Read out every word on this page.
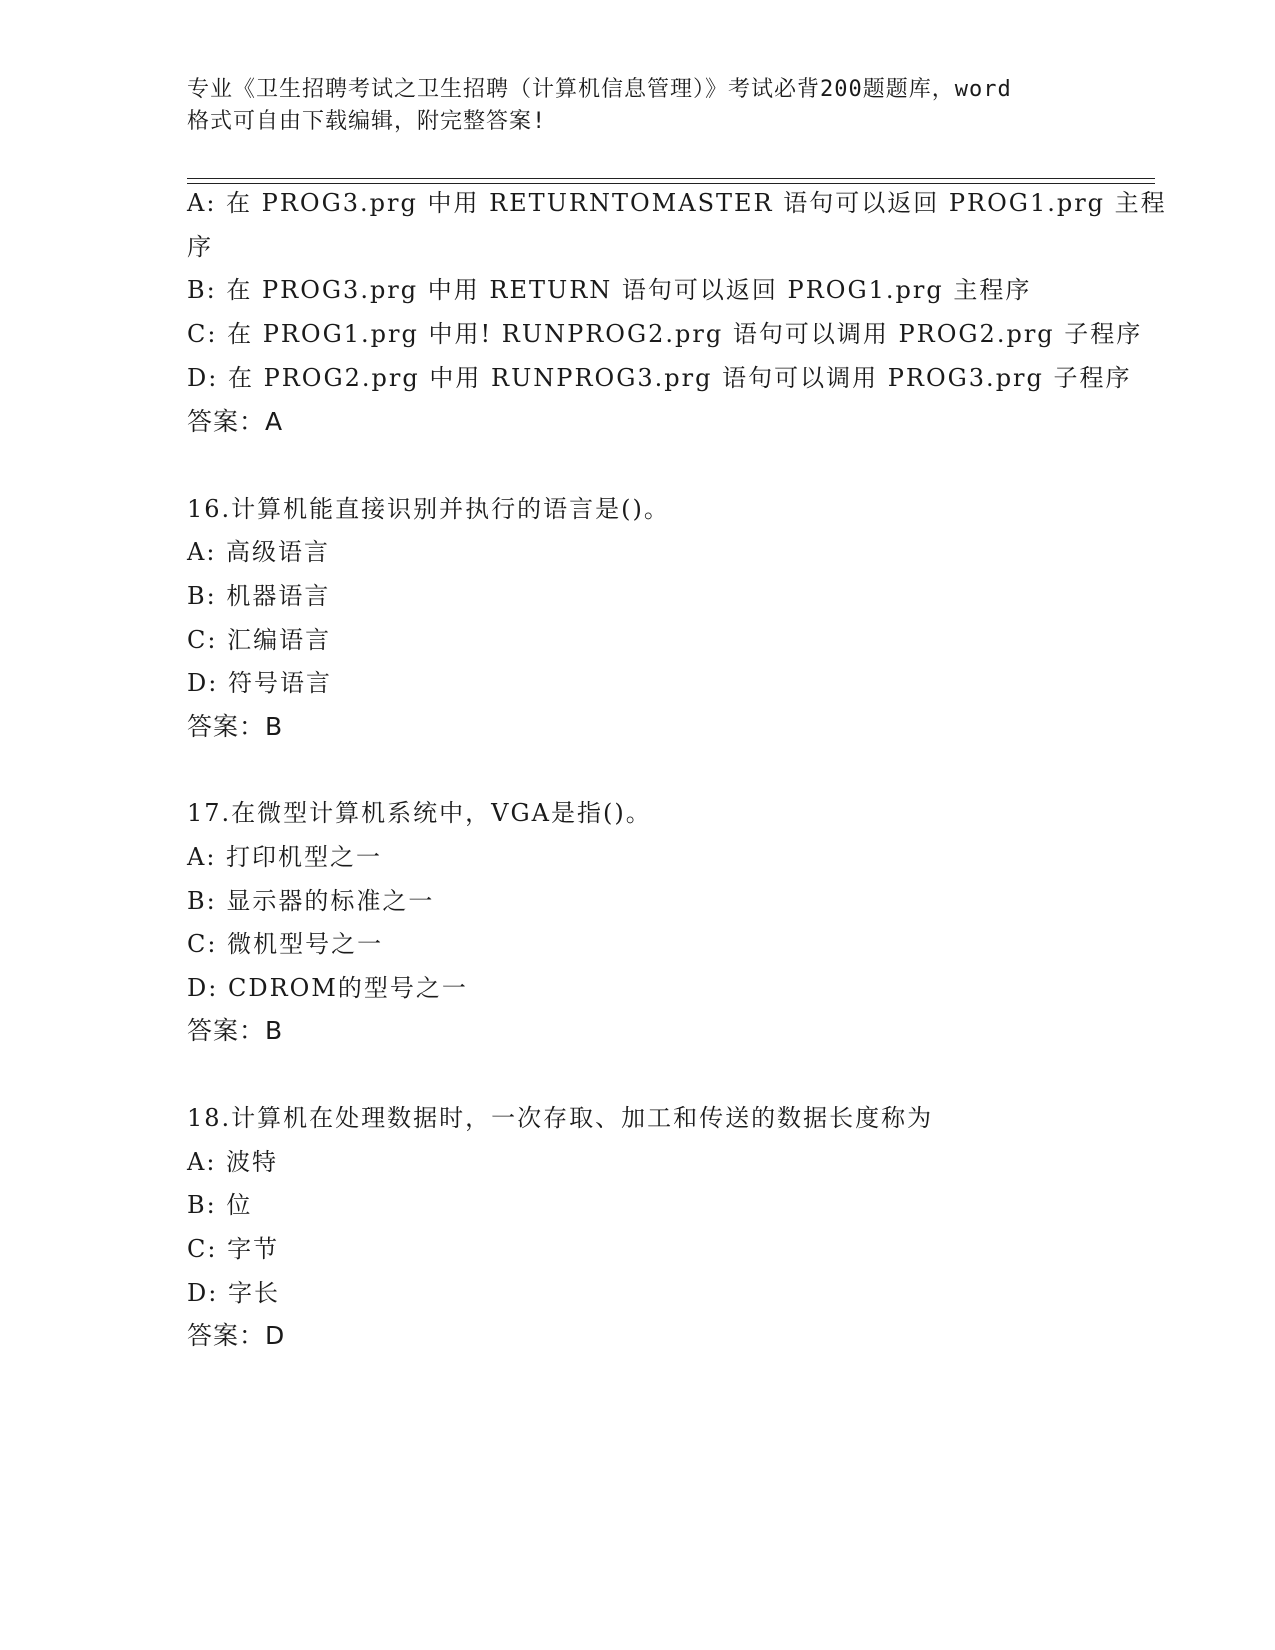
专业《卫生招聘考试之卫生招聘（计算机信息管理）》考试必背200题题库，word
格式可自由下载编辑，附完整答案!
A: 在 PROG3.prg 中用 RETURNTOMASTER 语句可以返回 PROG1.prg 主程
序
B: 在 PROG3.prg 中用 RETURN 语句可以返回 PROG1.prg 主程序
C: 在 PROG1.prg 中用! RUNPROG2.prg 语句可以调用 PROG2.prg 子程序
D: 在 PROG2.prg 中用 RUNPROG3.prg 语句可以调用 PROG3.prg 子程序
答案：A
16.计算机能直接识别并执行的语言是()。
A: 高级语言
B: 机器语言
C: 汇编语言
D: 符号语言
答案：B
17.在微型计算机系统中，VGA是指()。
A: 打印机型之一
B: 显示器的标准之一
C: 微机型号之一
D: CDROM的型号之一
答案：B
18.计算机在处理数据时，一次存取、加工和传送的数据长度称为
A: 波特
B: 位
C: 字节
D: 字长
答案：D
